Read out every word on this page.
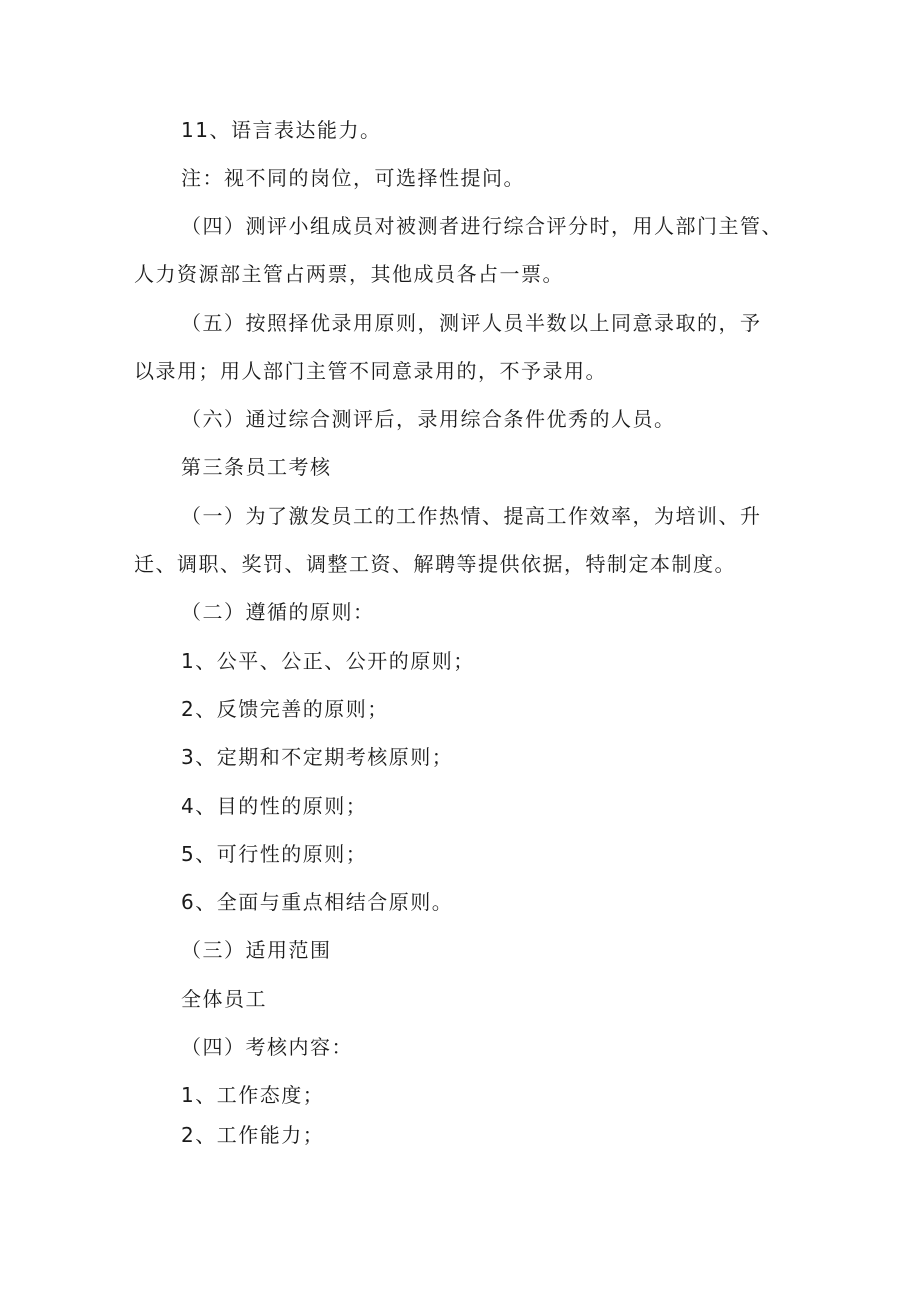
11、语言表达能力。
注：视不同的岗位，可选择性提问。
（四）测评小组成员对被测者进行综合评分时，用人部门主管、
人力资源部主管占两票，其他成员各占一票。
（五）按照择优录用原则，测评人员半数以上同意录取的，予
以录用；用人部门主管不同意录用的，不予录用。
（六）通过综合测评后，录用综合条件优秀的人员。
第三条员工考核
（一）为了激发员工的工作热情、提高工作效率，为培训、升
迁、调职、奖罚、调整工资、解聘等提供依据，特制定本制度。
（二）遵循的原则：
1、公平、公正、公开的原则；
2、反馈完善的原则；
3、定期和不定期考核原则；
4、目的性的原则；
5、可行性的原则；
6、全面与重点相结合原则。
（三）适用范围
全体员工
（四）考核内容：
1、工作态度；
2、工作能力；
